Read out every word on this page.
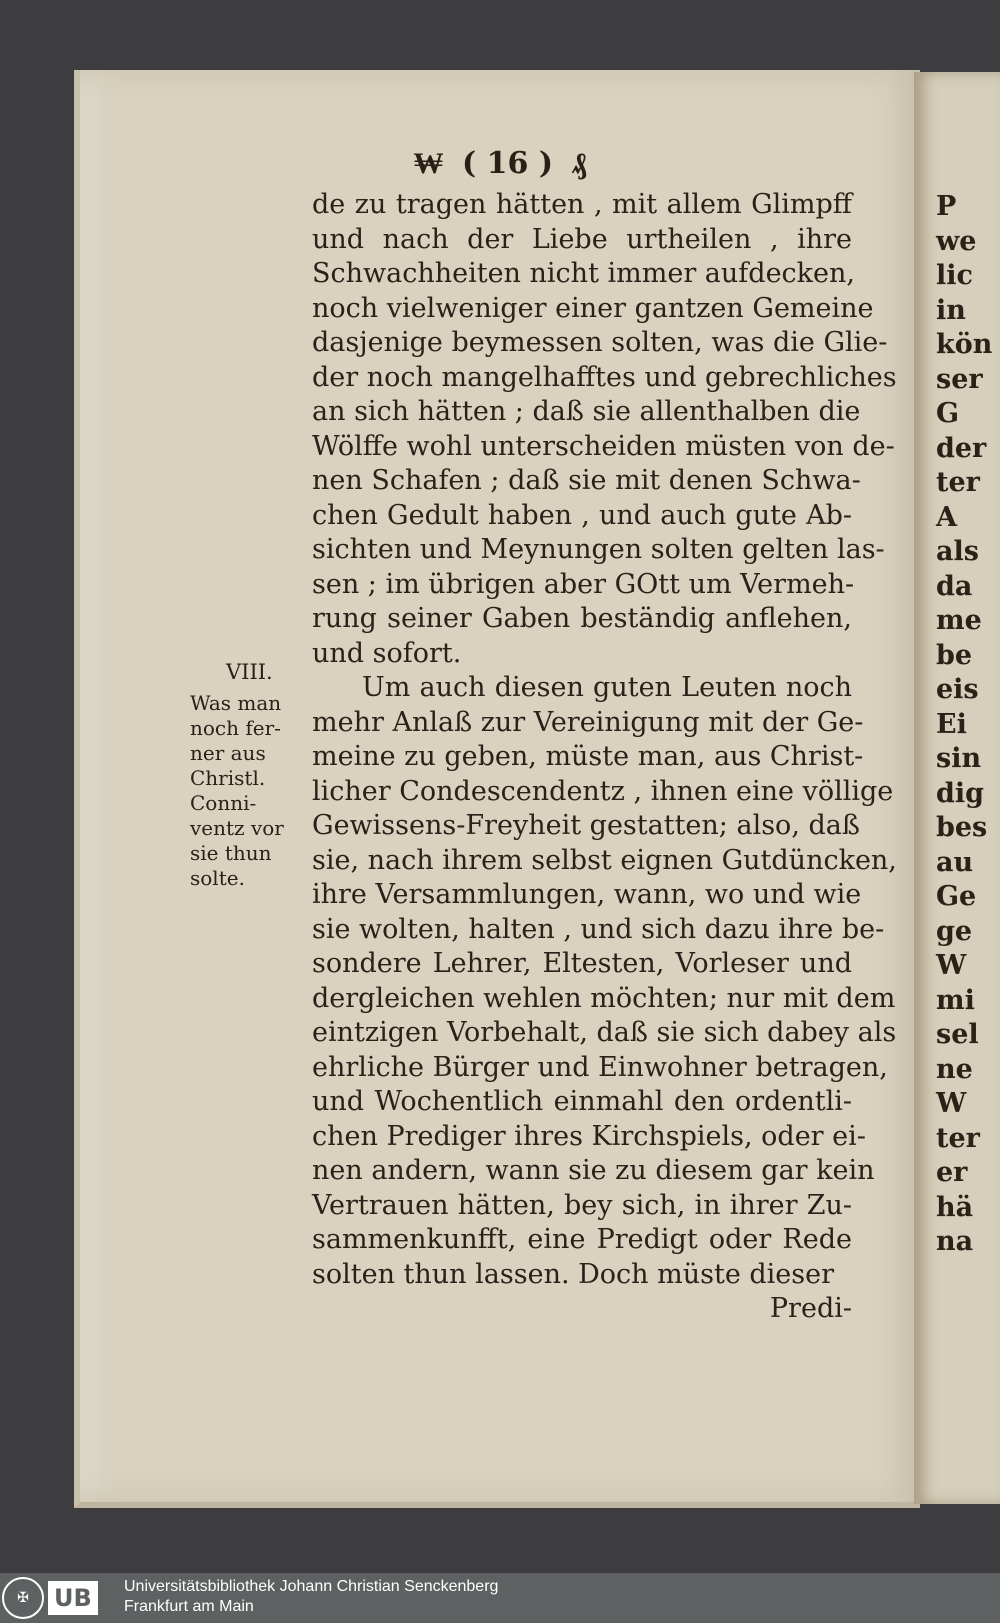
₩ ( 16 ) ₰
de zu tragen hätten , mit allem Glimpff
und nach der Liebe urtheilen , ihre
Schwachheiten nicht immer aufdecken,
noch vielweniger einer gantzen Gemeine
dasjenige beymessen solten, was die Glie-
der noch mangelhafftes und gebrechliches
an sich hätten ; daß sie allenthalben die
Wölffe wohl unterscheiden müsten von de-
nen Schafen ; daß sie mit denen Schwa-
chen Gedult haben , und auch gute Ab-
sichten und Meynungen solten gelten las-
sen ; im übrigen aber GOtt um Vermeh-
rung seiner Gaben beständig anflehen,
und sofort.
Um auch diesen guten Leuten noch
mehr Anlaß zur Vereinigung mit der Ge-
meine zu geben, müste man, aus Christ-
licher Condescendentz , ihnen eine völlige
Gewissens-Freyheit gestatten; also, daß
sie, nach ihrem selbst eignen Gutdüncken,
ihre Versammlungen, wann, wo und wie
sie wolten, halten , und sich dazu ihre be-
sondere Lehrer, Eltesten, Vorleser und
dergleichen wehlen möchten; nur mit dem
eintzigen Vorbehalt, daß sie sich dabey als
ehrliche Bürger und Einwohner betragen,
und Wochentlich einmahl den ordentli-
chen Prediger ihres Kirchspiels, oder ei-
nen andern, wann sie zu diesem gar kein
Vertrauen hätten, bey sich, in ihrer Zu-
sammenkunfft, eine Predigt oder Rede
solten thun lassen. Doch müste dieser
Predi-
VIII.
Was man
noch fer-
ner aus
Christl.
Conni-
ventz vor
sie thun
solte.
P
we
lic
in
kön
ser
G
der
ter
A
als
da
me
be
eis
Ei
sin
dig
bes
au
Ge
ge
W
mi
sel
ne
W
ter
er
hä
na
✠	UB	Universitätsbibliothek Johann Christian Senckenberg
Frankfurt am Main
